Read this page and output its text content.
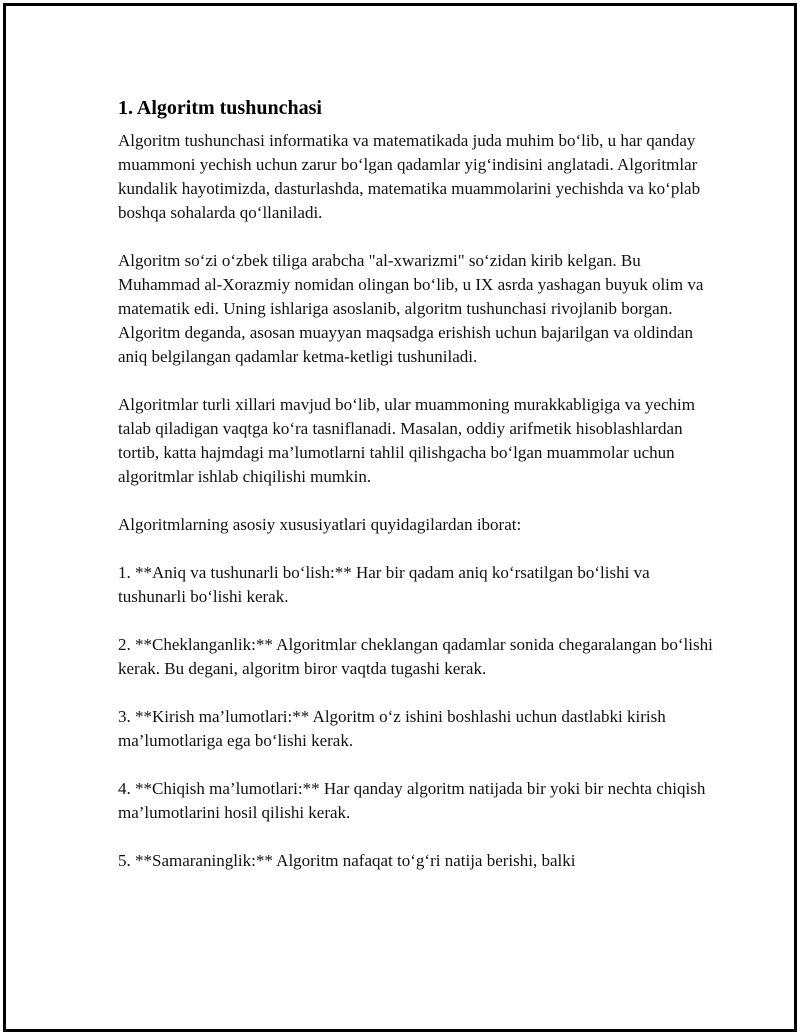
1. Algoritm tushunchasi

Algoritm tushunchasi informatika va matematikada juda muhim bo‘lib, u har qanday muammoni yechish uchun zarur bo‘lgan qadamlar yig‘indisini anglatadi. Algoritmlar kundalik hayotimizda, dasturlashda, matematika muammolarini yechishda va ko‘plab boshqa sohalarda qo‘llaniladi.

Algoritm so‘zi o‘zbek tiliga arabcha "al-xwarizmi" so‘zidan kirib kelgan. Bu Muhammad al-Xorazmiy nomidan olingan bo‘lib, u IX asrda yashagan buyuk olim va matematik edi. Uning ishlariga asoslanib, algoritm tushunchasi rivojlanib borgan. Algoritm deganda, asosan muayyan maqsadga erishish uchun bajarilgan va oldindan aniq belgilangan qadamlar ketma-ketligi tushuniladi.

Algoritmlar turli xillari mavjud bo‘lib, ular muammoning murakkabligiga va yechim talab qiladigan vaqtga ko‘ra tasniflanadi. Masalan, oddiy arifmetik hisoblashlardan tortib, katta hajmdagi ma’lumotlarni tahlil qilishgacha bo‘lgan muammolar uchun algoritmlar ishlab chiqilishi mumkin.

Algoritmlarning asosiy xususiyatlari quyidagilardan iborat:

1. **Aniq va tushunarli bo‘lish:** Har bir qadam aniq ko‘rsatilgan bo‘lishi va tushunarli bo‘lishi kerak.

2. **Cheklanganlik:** Algoritmlar cheklangan qadamlar sonida chegaralangan bo‘lishi kerak. Bu degani, algoritm biror vaqtda tugashi kerak.

3. **Kirish ma’lumotlari:** Algoritm o‘z ishini boshlashi uchun dastlabki kirish ma’lumotlariga ega bo‘lishi kerak.

4. **Chiqish ma’lumotlari:** Har qanday algoritm natijada bir yoki bir nechta chiqish ma’lumotlarini hosil qilishi kerak.

5. **Samaraninglik:** Algoritm nafaqat to‘g‘ri natija berishi, balki
